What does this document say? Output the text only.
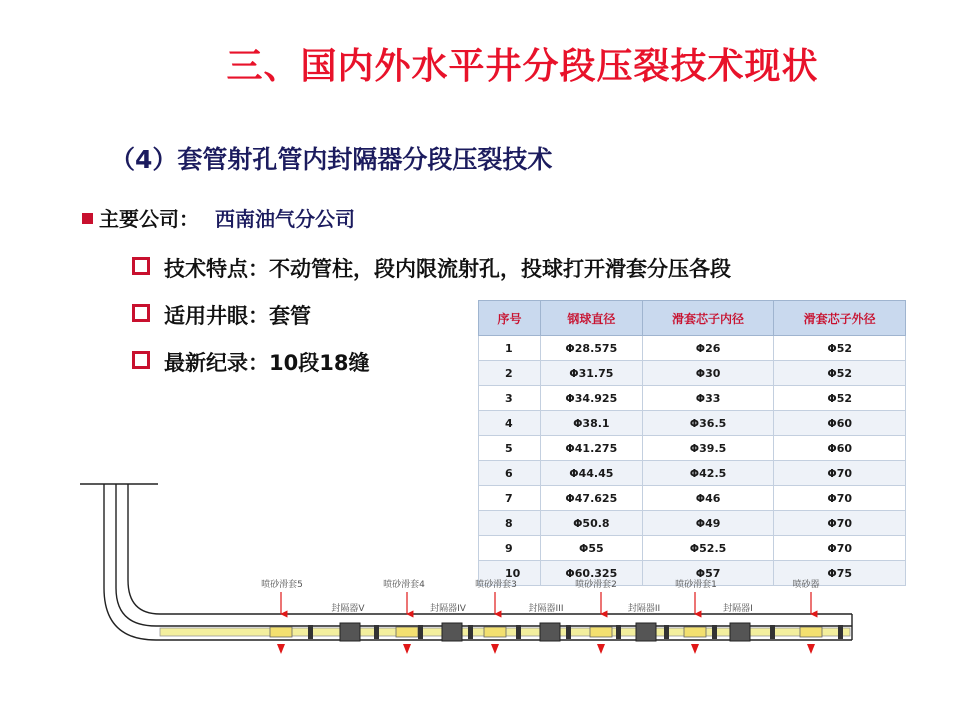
三、国内外水平井分段压裂技术现状
（4）套管射孔管内封隔器分段压裂技术
主要公司： 西南油气分公司
技术特点：不动管柱，段内限流射孔，投球打开滑套分压各段
适用井眼：套管
最新纪录：10段18缝
序号	钢球直径	滑套芯子内径	滑套芯子外径
1	Φ28.575	Φ26	Φ52
2	Φ31.75	Φ30	Φ52
3	Φ34.925	Φ33	Φ52
4	Φ38.1	Φ36.5	Φ60
5	Φ41.275	Φ39.5	Φ60
6	Φ44.45	Φ42.5	Φ70
7	Φ47.625	Φ46	Φ70
8	Φ50.8	Φ49	Φ70
9	Φ55	Φ52.5	Φ70
10	Φ60.325	Φ57	Φ75
喷砂滑套5	喷砂滑套4	喷砂滑套3	喷砂滑套2	喷砂滑套1	喷砂器
封隔器V	封隔器IV	封隔器III	封隔器II	封隔器I
